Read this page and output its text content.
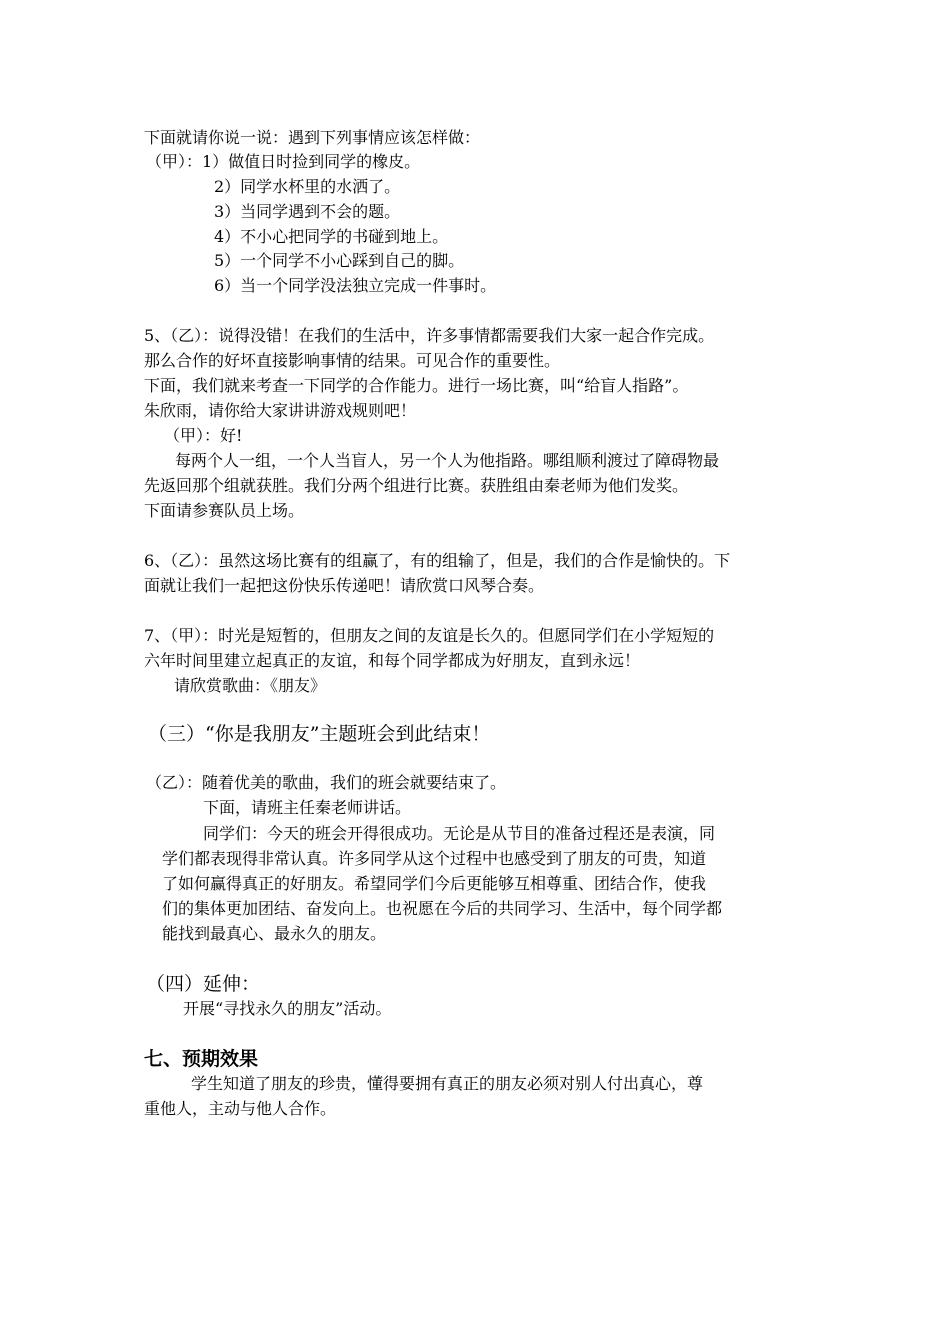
下面就请你说一说：遇到下列事情应该怎样做：
（甲）：1）做值日时捡到同学的橡皮。
2）同学水杯里的水洒了。
3）当同学遇到不会的题。
4）不小心把同学的书碰到地上。
5）一个同学不小心踩到自己的脚。
6）当一个同学没法独立完成一件事时。
5、（乙）：说得没错！在我们的生活中，许多事情都需要我们大家一起合作完成。
那么合作的好坏直接影响事情的结果。可见合作的重要性。
下面，我们就来考查一下同学的合作能力。进行一场比赛，叫“给盲人指路”。
朱欣雨，请你给大家讲讲游戏规则吧！
（甲）：好!
每两个人一组，一个人当盲人，另一个人为他指路。哪组顺利渡过了障碍物最
先返回那个组就获胜。我们分两个组进行比赛。获胜组由秦老师为他们发奖。
下面请参赛队员上场。
6、（乙）：虽然这场比赛有的组赢了，有的组输了，但是，我们的合作是愉快的。下
面就让我们一起把这份快乐传递吧！请欣赏口风琴合奏。
7、（甲）：时光是短暂的，但朋友之间的友谊是长久的。但愿同学们在小学短短的
六年时间里建立起真正的友谊，和每个同学都成为好朋友，直到永远！
请欣赏歌曲：《朋友》
（三）“你是我朋友”主题班会到此结束！
（乙）：随着优美的歌曲，我们的班会就要结束了。
下面，请班主任秦老师讲话。
同学们：今天的班会开得很成功。无论是从节目的准备过程还是表演，同
学们都表现得非常认真。许多同学从这个过程中也感受到了朋友的可贵，知道
了如何赢得真正的好朋友。希望同学们今后更能够互相尊重、团结合作，使我
们的集体更加团结、奋发向上。也祝愿在今后的共同学习、生活中，每个同学都
能找到最真心、最永久的朋友。
（四）延伸：
开展“寻找永久的朋友”活动。
七、预期效果
学生知道了朋友的珍贵，懂得要拥有真正的朋友必须对别人付出真心，尊
重他人，主动与他人合作。
